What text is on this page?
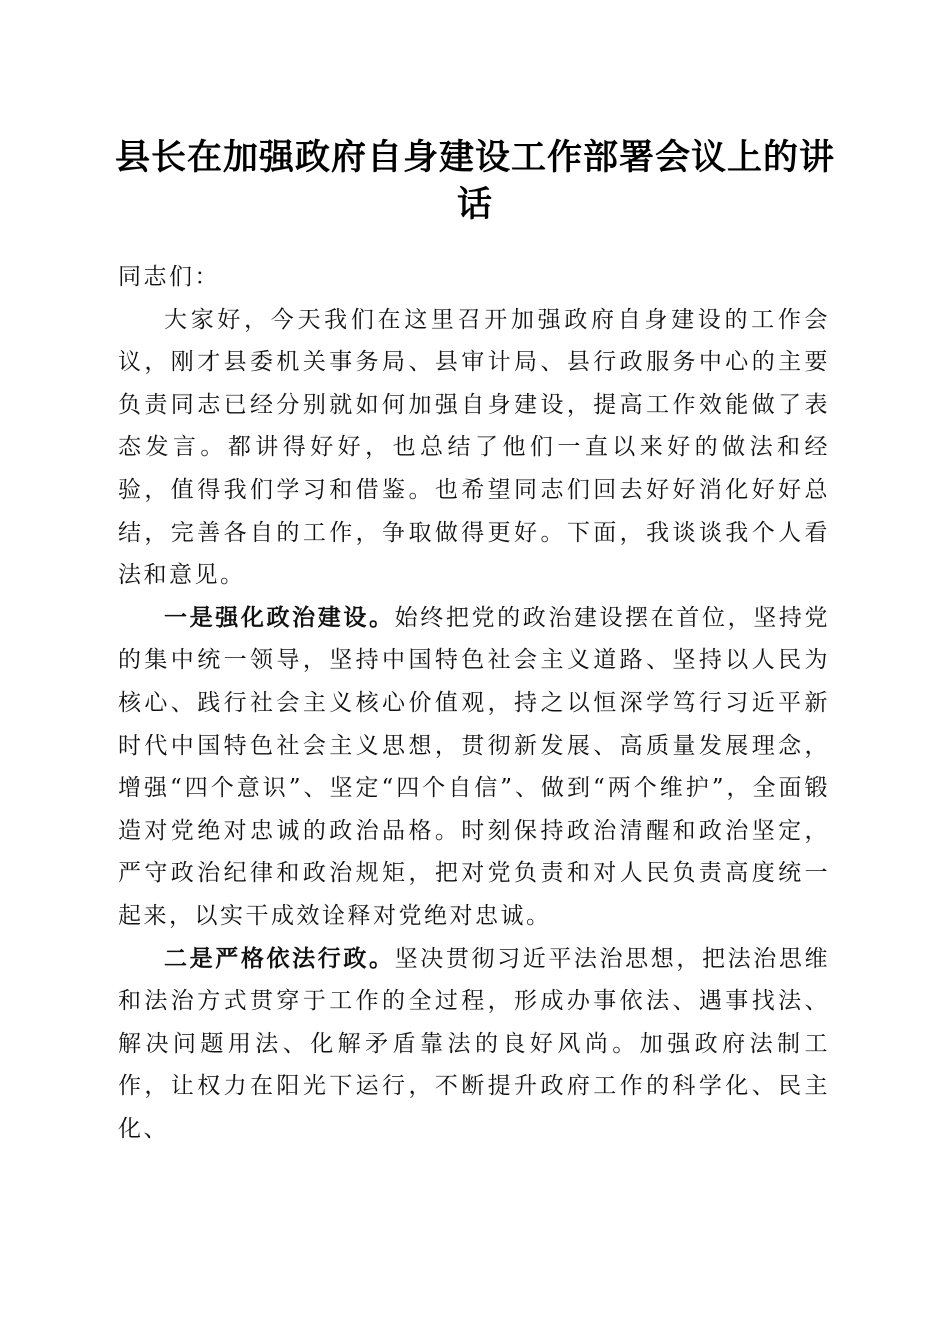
县长在加强政府自身建设工作部署会议上的讲话

同志们：

大家好，今天我们在这里召开加强政府自身建设的工作会议，刚才县委机关事务局、县审计局、县行政服务中心的主要负责同志已经分别就如何加强自身建设，提高工作效能做了表态发言。都讲得好好，也总结了他们一直以来好的做法和经验，值得我们学习和借鉴。也希望同志们回去好好消化好好总结，完善各自的工作，争取做得更好。下面，我谈谈我个人看法和意见。

一是强化政治建设。始终把党的政治建设摆在首位，坚持党的集中统一领导，坚持中国特色社会主义道路、坚持以人民为核心、践行社会主义核心价值观，持之以恒深学笃行习近平新时代中国特色社会主义思想，贯彻新发展、高质量发展理念，增强“四个意识”、坚定“四个自信”、做到“两个维护”，全面锻造对党绝对忠诚的政治品格。时刻保持政治清醒和政治坚定，严守政治纪律和政治规矩，把对党负责和对人民负责高度统一起来，以实干成效诠释对党绝对忠诚。

二是严格依法行政。坚决贯彻习近平法治思想，把法治思维和法治方式贯穿于工作的全过程，形成办事依法、遇事找法、解决问题用法、化解矛盾靠法的良好风尚。加强政府法制工作，让权力在阳光下运行，不断提升政府工作的科学化、民主化、
